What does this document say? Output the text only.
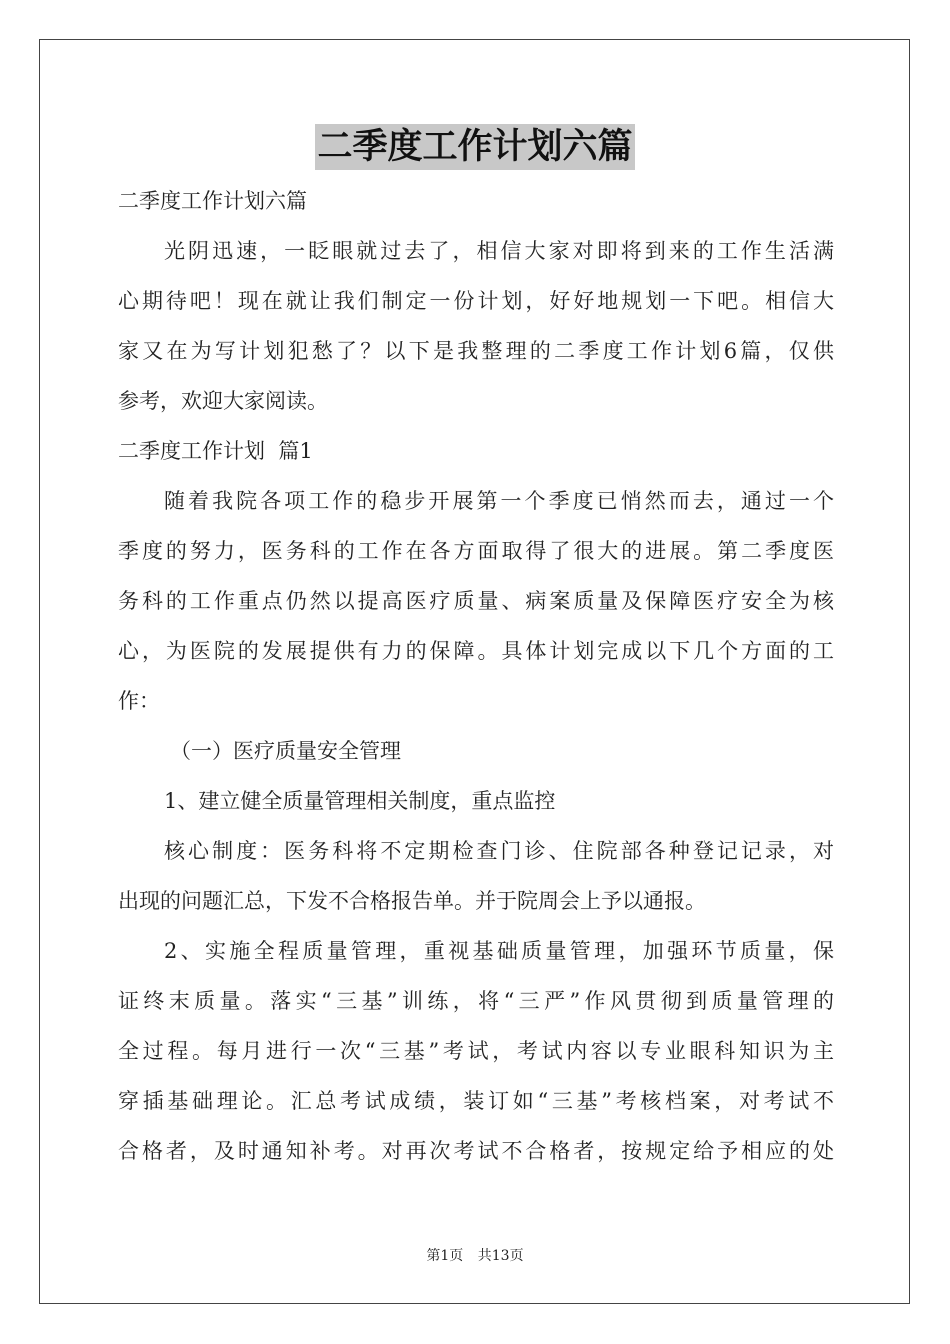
二季度工作计划六篇
二季度工作计划六篇
光阴迅速，一眨眼就过去了，相信大家对即将到来的工作生活满
心期待吧！现在就让我们制定一份计划，好好地规划一下吧。相信大
家又在为写计划犯愁了？以下是我整理的二季度工作计划6篇，仅供
参考，欢迎大家阅读。
二季度工作计划  篇1
随着我院各项工作的稳步开展第一个季度已悄然而去，通过一个
季度的努力，医务科的工作在各方面取得了很大的进展。第二季度医
务科的工作重点仍然以提高医疗质量、病案质量及保障医疗安全为核
心，为医院的发展提供有力的保障。具体计划完成以下几个方面的工
作：
（一）医疗质量安全管理
1、建立健全质量管理相关制度，重点监控
核心制度：医务科将不定期检查门诊、住院部各种登记记录，对
出现的问题汇总，下发不合格报告单。并于院周会上予以通报。
2、实施全程质量管理，重视基础质量管理，加强环节质量，保
证终末质量。落实“三基”训练，将“三严”作风贯彻到质量管理的
全过程。每月进行一次“三基”考试，考试内容以专业眼科知识为主
穿插基础理论。汇总考试成绩，装订如“三基”考核档案，对考试不
合格者，及时通知补考。对再次考试不合格者，按规定给予相应的处
第1页 共13页
